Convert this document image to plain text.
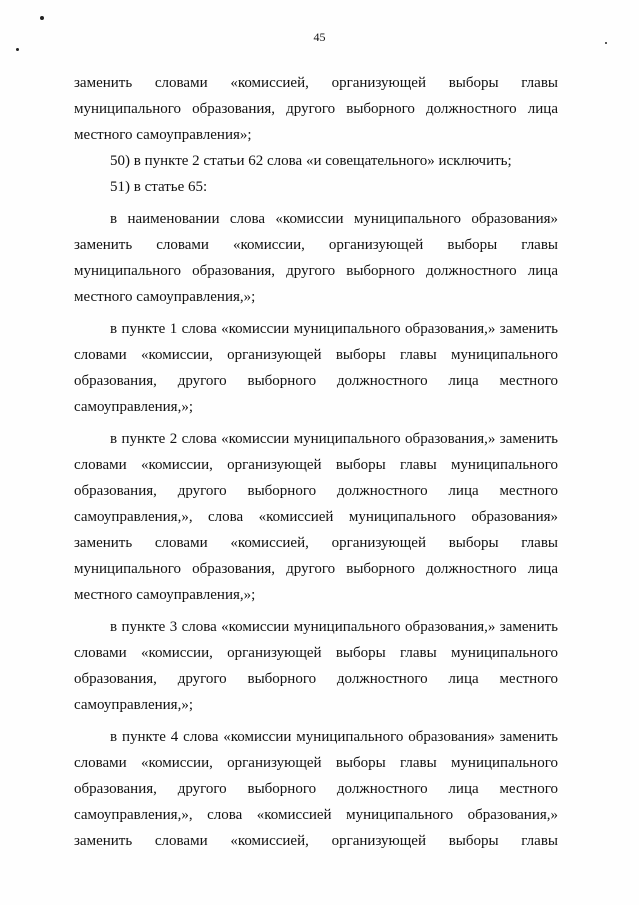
45
заменить словами «комиссией, организующей выборы главы
муниципального образования, другого выборного должностного лица
местного самоуправления»;
50) в пункте 2 статьи 62 слова «и совещательного» исключить;
51) в статье 65:
в наименовании слова «комиссии муниципального образования»
заменить словами «комиссии, организующей выборы главы
муниципального образования, другого выборного должностного лица
местного самоуправления,»;
в пункте 1 слова «комиссии муниципального образования,» заменить
словами «комиссии, организующей выборы главы муниципального
образования, другого выборного должностного лица местного
самоуправления,»;
в пункте 2 слова «комиссии муниципального образования,» заменить
словами «комиссии, организующей выборы главы муниципального
образования, другого выборного должностного лица местного
самоуправления,», слова «комиссией муниципального образования»
заменить словами «комиссией, организующей выборы главы
муниципального образования, другого выборного должностного лица
местного самоуправления,»;
в пункте 3 слова «комиссии муниципального образования,» заменить
словами «комиссии, организующей выборы главы муниципального
образования, другого выборного должностного лица местного
самоуправления,»;
в пункте 4 слова «комиссии муниципального образования» заменить
словами «комиссии, организующей выборы главы муниципального
образования, другого выборного должностного лица местного
самоуправления,», слова «комиссией муниципального образования,»
заменить словами «комиссией, организующей выборы главы
